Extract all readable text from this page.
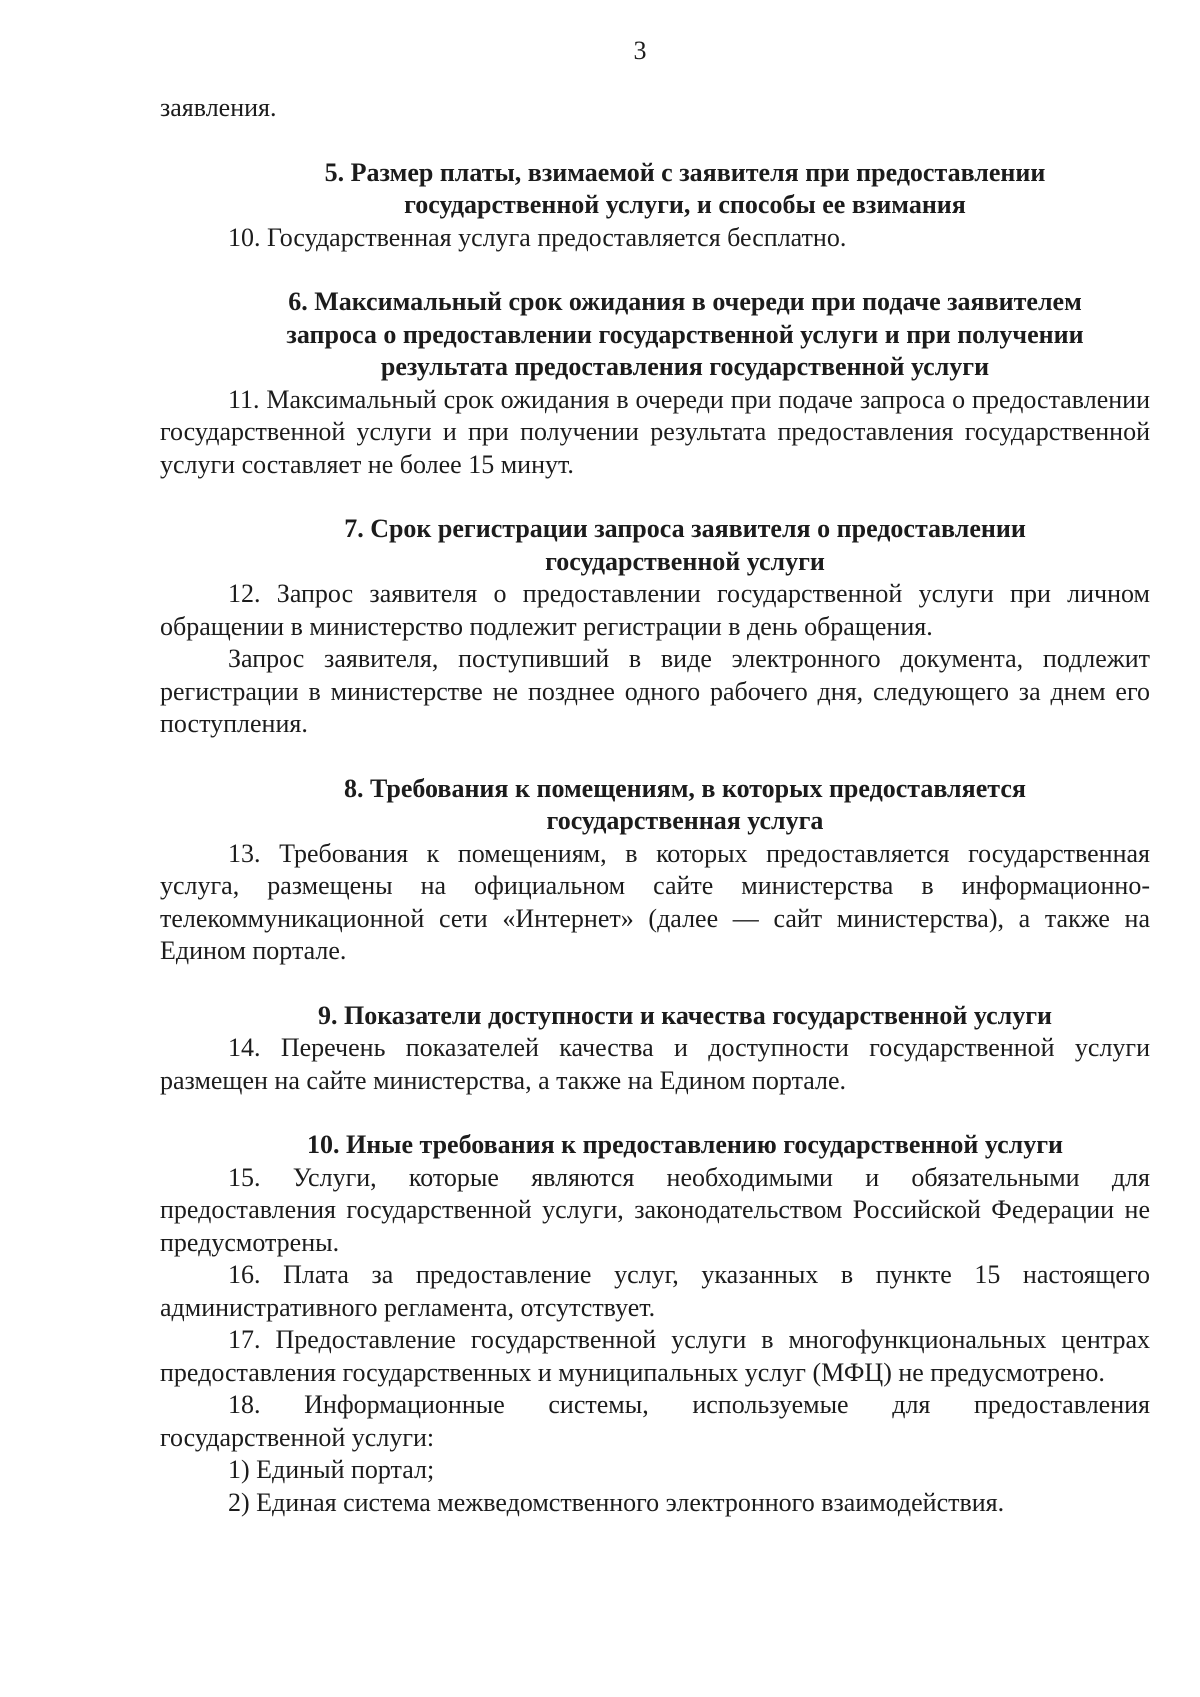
3

заявления.

5. Размер платы, взимаемой с заявителя при предоставлении

государственной услуги, и способы ее взимания

10. Государственная услуга предоставляется бесплатно.

6. Максимальный срок ожидания в очереди при подаче заявителем

запроса о предоставлении государственной услуги и при получении

результата предоставления государственной услуги

11. Максимальный срок ожидания в очереди при подаче запроса о предоставлении государственной услуги и при получении результата предоставления государственной услуги составляет не более 15 минут.

7. Срок регистрации запроса заявителя о предоставлении

государственной услуги

12. Запрос заявителя о предоставлении государственной услуги при личном обращении в министерство подлежит регистрации в день обращения.

Запрос заявителя, поступивший в виде электронного документа, подлежит регистрации в министерстве не позднее одного рабочего дня, следующего за днем его поступления.

8. Требования к помещениям, в которых предоставляется

государственная услуга

13. Требования к помещениям, в которых предоставляется государственная услуга, размещены на официальном сайте министерства в информационно-телекоммуникационной сети «Интернет» (далее — сайт министерства), а также на Едином портале.

9. Показатели доступности и качества государственной услуги

14. Перечень показателей качества и доступности государственной услуги размещен на сайте министерства, а также на Едином портале.

10. Иные требования к предоставлению государственной услуги

15. Услуги, которые являются необходимыми и обязательными для предоставления государственной услуги, законодательством Российской Федерации не предусмотрены.

16. Плата за предоставление услуг, указанных в пункте 15 настоящего административного регламента, отсутствует.

17. Предоставление государственной услуги в многофункциональных центрах предоставления государственных и муниципальных услуг (МФЦ) не предусмотрено.

18. Информационные системы, используемые для предоставления государственной услуги:

1) Единый портал;

2) Единая система межведомственного электронного взаимодействия.
